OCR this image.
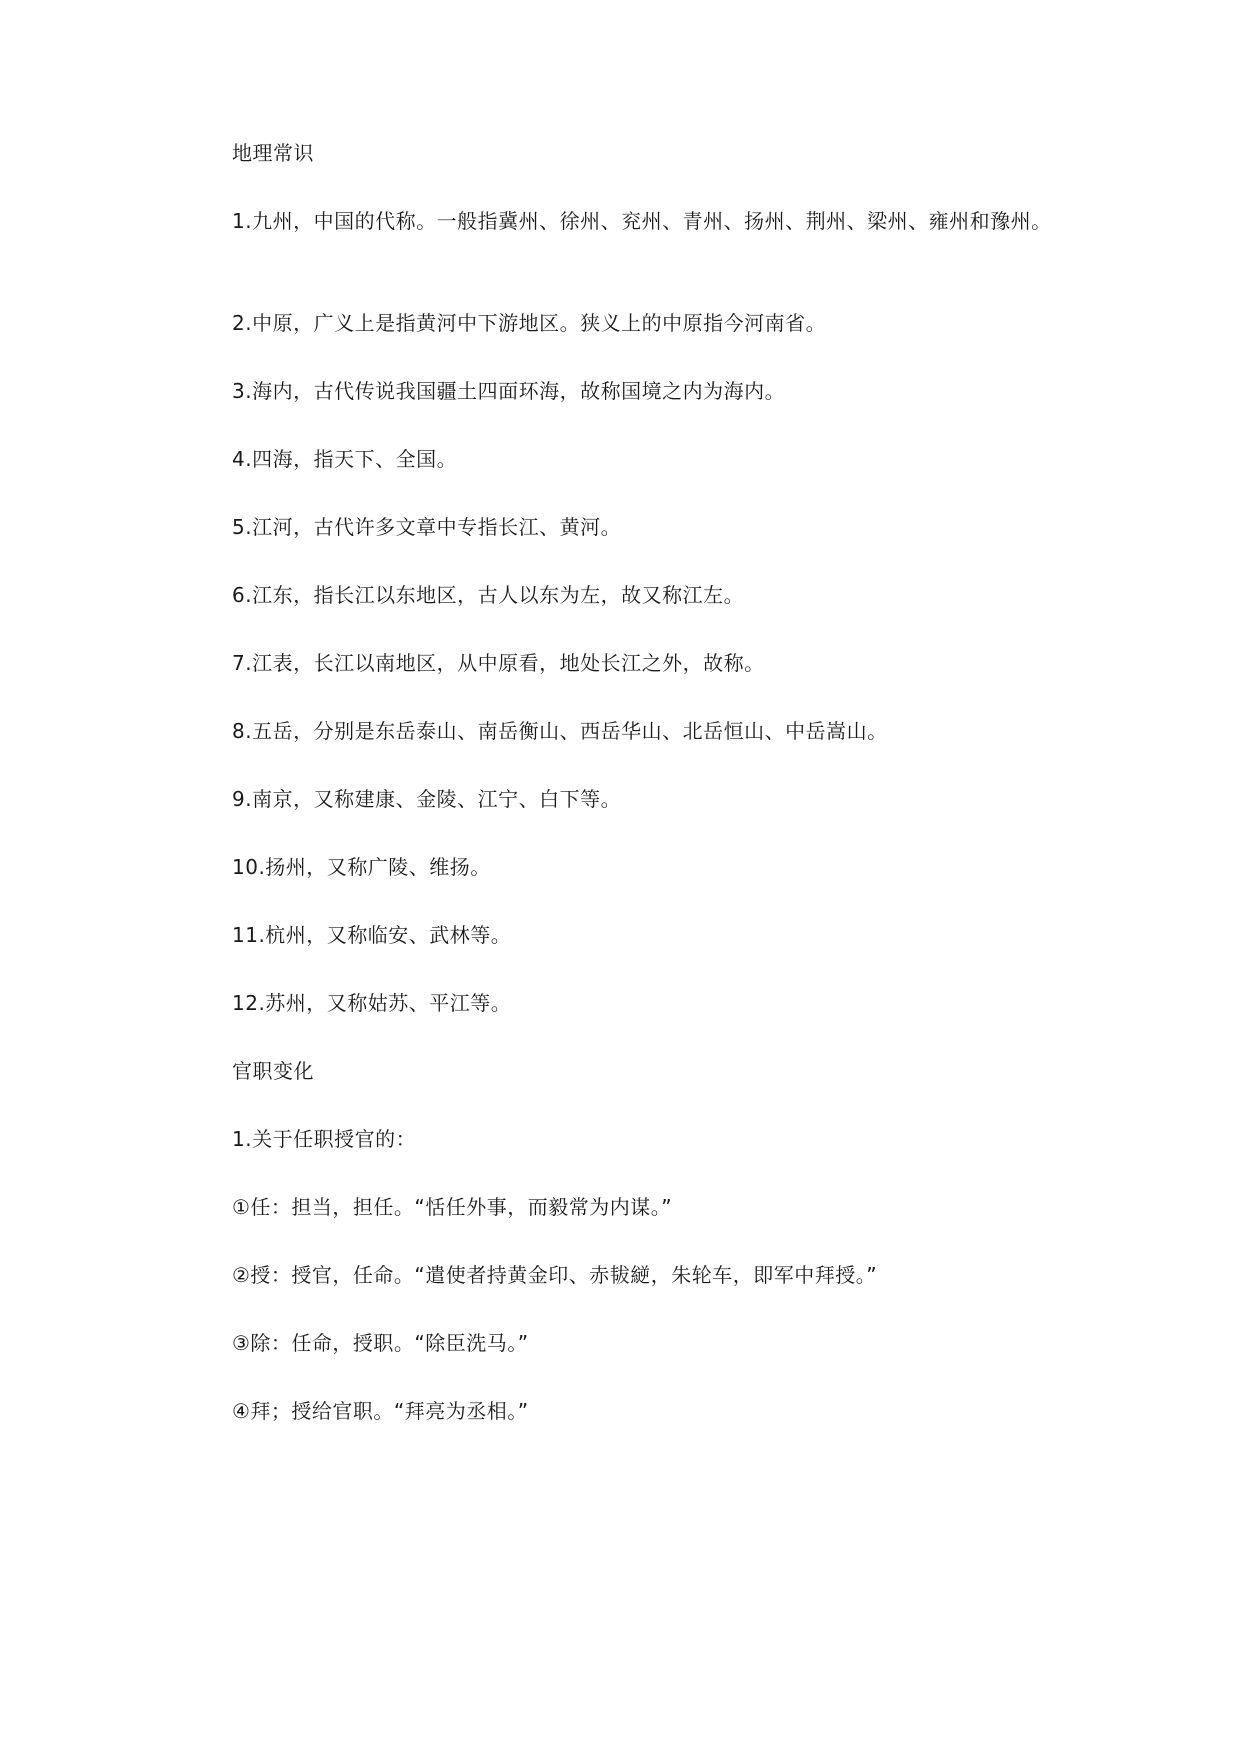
地理常识
1.九州，中国的代称。一般指冀州、徐州、兖州、青州、扬州、荆州、梁州、雍州和豫州。
2.中原，广义上是指黄河中下游地区。狭义上的中原指今河南省。
3.海内，古代传说我国疆土四面环海，故称国境之内为海内。
4.四海，指天下、全国。
5.江河，古代许多文章中专指长江、黄河。
6.江东，指长江以东地区，古人以东为左，故又称江左。
7.江表，长江以南地区，从中原看，地处长江之外，故称。
8.五岳，分别是东岳泰山、南岳衡山、西岳华山、北岳恒山、中岳嵩山。
9.南京，又称建康、金陵、江宁、白下等。
10.扬州，又称广陵、维扬。
11.杭州，又称临安、武林等。
12.苏州，又称姑苏、平江等。
官职变化
1.关于任职授官的：
①任：担当，担任。“恬任外事，而毅常为内谋。”
②授：授官，任命。“遣使者持黄金印、赤韨縌，朱轮车，即军中拜授。”
③除：任命，授职。“除臣洗马。”
④拜；授给官职。“拜亮为丞相。”
